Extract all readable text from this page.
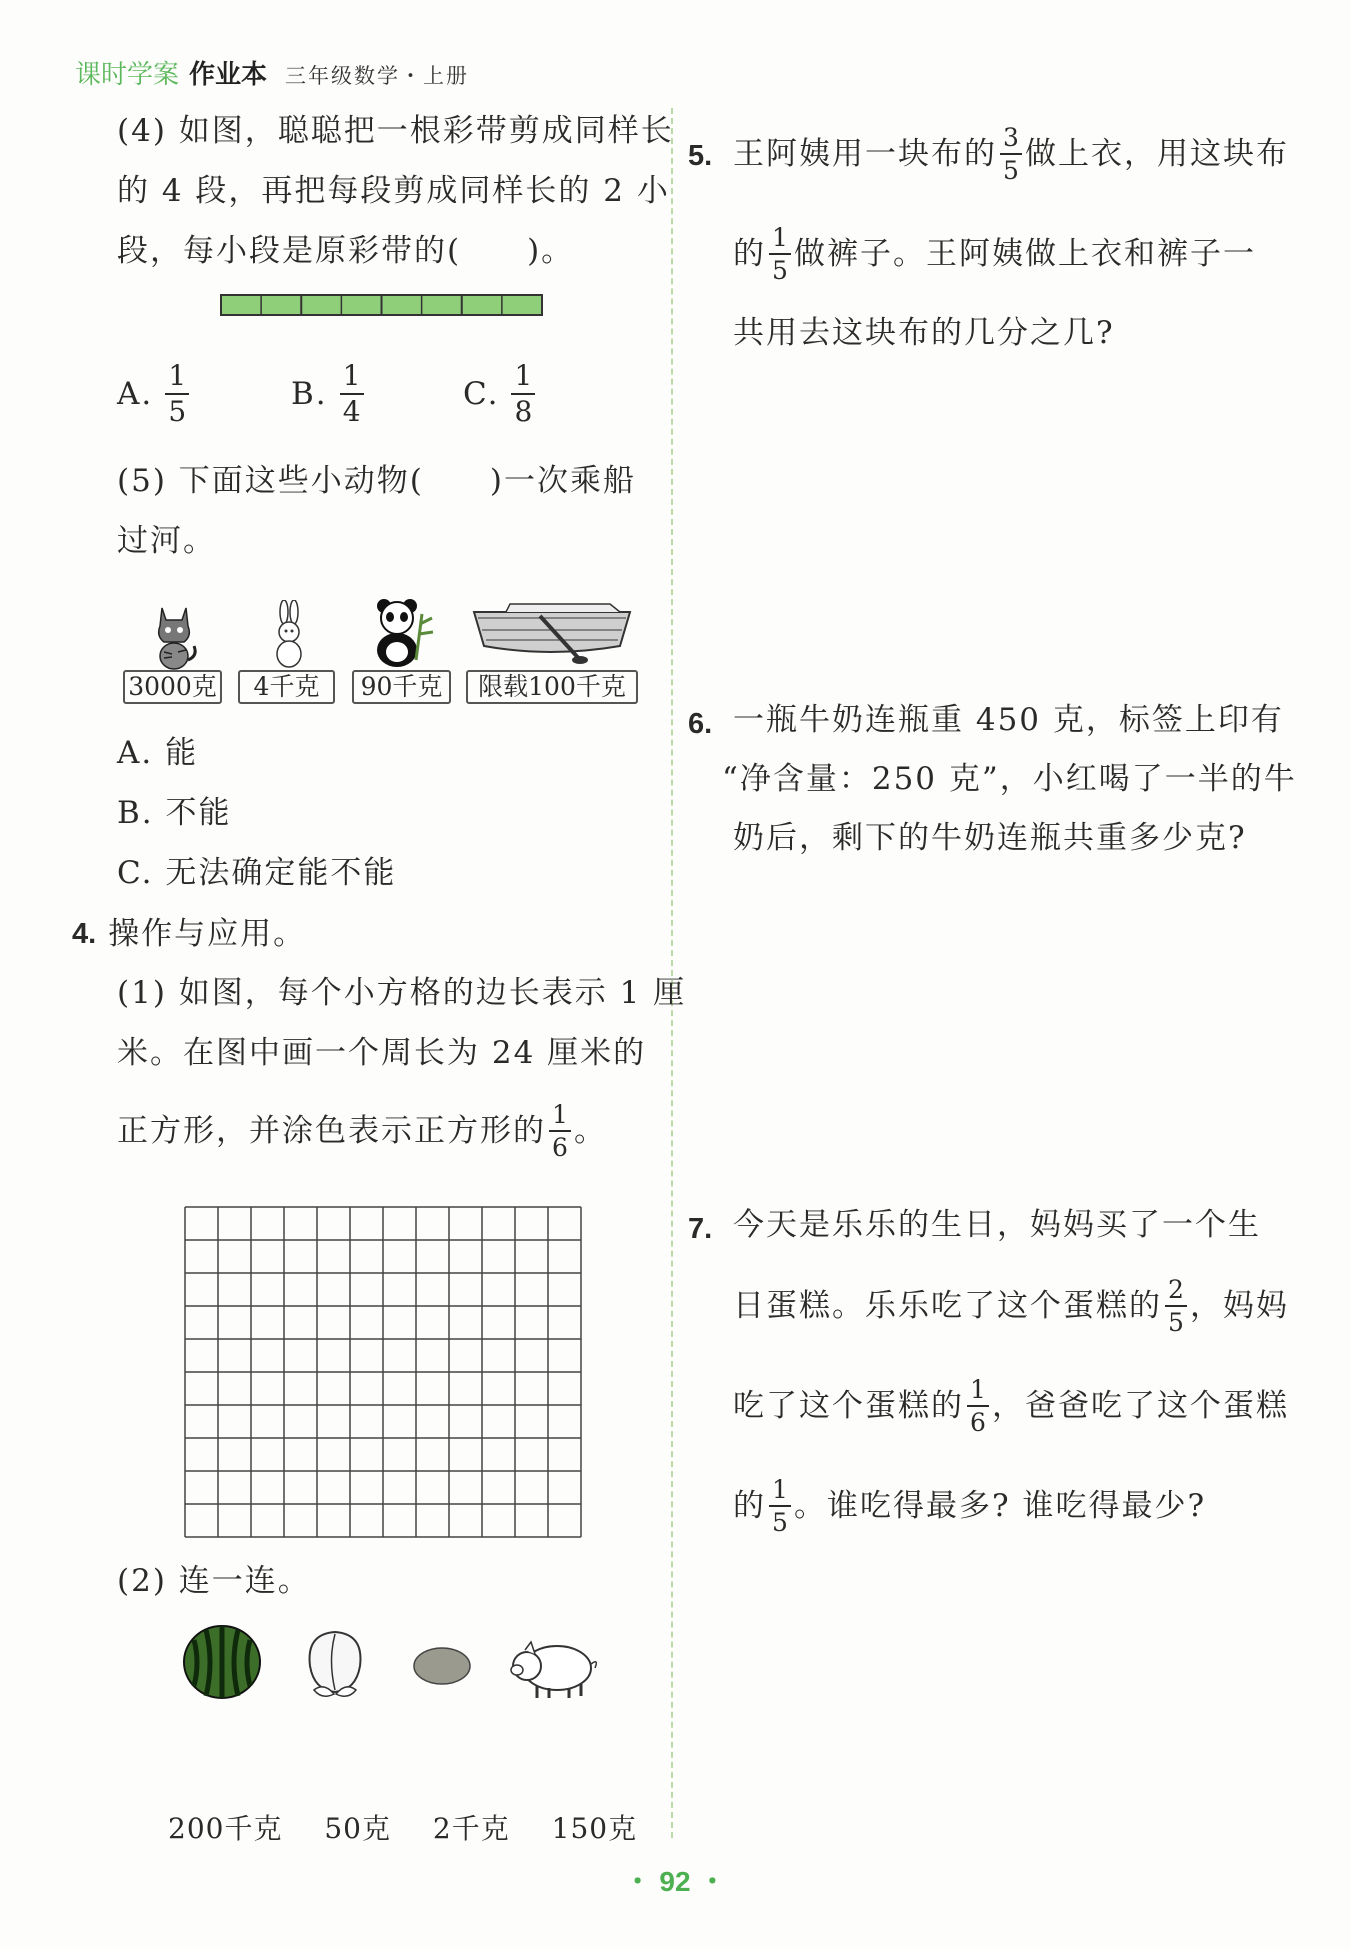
课时学案 作业本 三年级数学・上册
(4) 如图，聪聪把一根彩带剪成同样长
的 4 段，再把每段剪成同样长的 2 小
段，每小段是原彩带的(　　)。
A. $\frac{1}{5}$	B. $\frac{1}{4}$	C. $\frac{1}{8}$
(5) 下面这些小动物(　　)一次乘船
过河。
3000克	4千克	90千克	限载100千克
A. 能
B. 不能
C. 无法确定能不能
4. 操作与应用。
(1) 如图，每个小方格的边长表示 1 厘
米。在图中画一个周长为 24 厘米的
正方形，并涂色表示正方形的 $\frac{1}{6}$ 。
(2) 连一连。
200千克 50克 2千克 150克
5. 王阿姨用一块布的 $\frac{3}{5}$ 做上衣，用这块布
的 $\frac{1}{5}$ 做裤子。王阿姨做上衣和裤子一
共用去这块布的几分之几?
6. 一瓶牛奶连瓶重 450 克，标签上印有
“净含量：250 克”，小红喝了一半的牛
奶后，剩下的牛奶连瓶共重多少克?
7. 今天是乐乐的生日，妈妈买了一个生
日蛋糕。乐乐吃了这个蛋糕的 $\frac{2}{5}$ ，妈妈
吃了这个蛋糕的 $\frac{1}{6}$ ，爸爸吃了这个蛋糕
的 $\frac{1}{5}$ 。谁吃得最多? 谁吃得最少?
・ 92 ・
